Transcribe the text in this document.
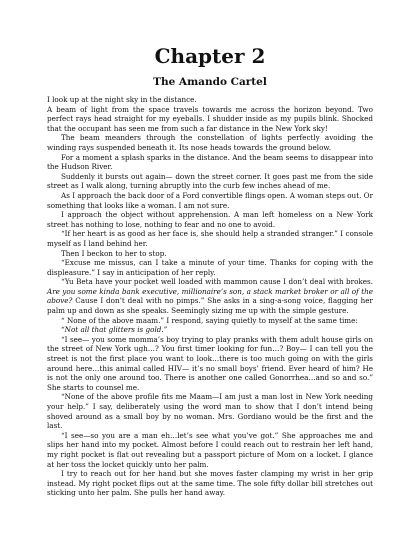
Chapter 2
The Amando Cartel

I look up at the night sky in the distance.

A beam of light from the space travels towards me across the horizon beyond. Two perfect rays head straight for my eyeballs. I shudder inside as my pupils blink. Shocked that the occupant has seen me from such a far distance in the New York sky!

The beam meanders through the constellation of lights perfectly avoiding the winding rays suspended beneath it. Its nose heads towards the ground below.

For a moment a splash sparks in the distance. And the beam seems to disappear into the Hudson River.

Suddenly it bursts out again— down the street corner. It goes past me from the side street as I walk along, turning abruptly into the curb few inches ahead of me.

As I approach the back door of a Ford convertible flings open. A woman steps out. Or something that looks like a woman. I am not sure.

I approach the object without apprehension. A man left homeless on a New York street has nothing to lose, nothing to fear and no one to avoid.

“If her heart is as good as her face is, she should help a stranded stranger.” I console myself as I land behind her.

Then I beckon to her to stop.

“Excuse me missus, can I take a minute of your time. Thanks for coping with the displeasure.” I say in anticipation of her reply.

“Yu Beta have your pocket well loaded with mammon cause I don’t deal with brokes. Are you some kinda bank executive, millionaire’s son, a stack market broker or all of the above? Cause I don’t deal with no pimps.” She asks in a sing-a-song voice, flagging her palm up and down as she speaks. Seemingly sizing me up with the simple gesture.

“ None of the above maam.” I respond, saying quietly to myself at the same time:

“Not all that glitters is gold.”

“I see— you some momma’s boy trying to play pranks with them adult house girls on the street of New York ugh…? You first timer looking for fun…? Boy— I can tell you the street is not the first place you want to look…there is too much going on with the girls around here…this animal called HIV— it’s no small boys’ friend. Ever heard of him? He is not the only one around too. There is another one called Gonorrhea…and so and so.” She starts to counsel me.

“None of the above profile fits me Maam—I am just a man lost in New York needing your help.” I say, deliberately using the word man to show that I don’t intend being shoved around as a small boy by no woman. Mrs. Gordiano would be the first and the last.

“I see—so you are a man eh…let’s see what you’ve got.” She approaches me and slips her hand into my pocket. Almost before I could reach out to restrain her left hand, my right pocket is flat out revealing but a passport picture of Mom on a locket. I glance at her toss the locket quickly unto her palm.

I try to reach out for her hand but she moves faster clamping my wrist in her grip instead. My right pocket flips out at the same time. The sole fifty dollar bill stretches out sticking unto her palm. She pulls her hand away.
